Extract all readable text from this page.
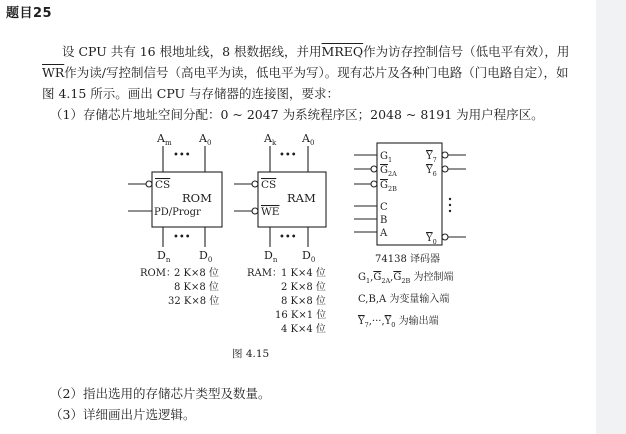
题目25
设 CPU 共有 16 根地址线，8 根数据线，并用MREQ作为访存控制信号（低电平有效），用
$\overline{WR}$作为读/写控制信号（高电平为读，低电平为写）。现有芯片及各种门电路（门电路自定），如
图 4.15 所示。画出 CPU 与存储器的连接图，要求：
（1）存储芯片地址空间分配：0 ~ 2047 为系统程序区；2048 ~ 8191 为用户程序区。
$A_m$ $A_0$
•••
CS
ROM
PD/Progr
•••
$D_n$	$D_0$
$A_k$ $A_0$
•••
CS
RAM
WE
•••
$D_n$ $D_0$
$G_1$
$G_{2A}$
$G_{2B}$
C
B
A
$Y_7$
$Y_6$
$Y_0$
74138 译码器
ROM：
2 K×8 位
8 K×8 位
32 K×8 位
RAM： 1 K×4 位
2 K×8 位
8 K×8 位
16 K×1 位
4 K×4 位
$G_1,G_{2A},G_{2B}$ 为控制端
C,B,A 为变量输入端
$Y_7,\cdot\cdot\cdot,Y_0$ 为输出端
图 4.15
（2）指出选用的存储芯片类型及数量。
（3）详细画出片选逻辑。
